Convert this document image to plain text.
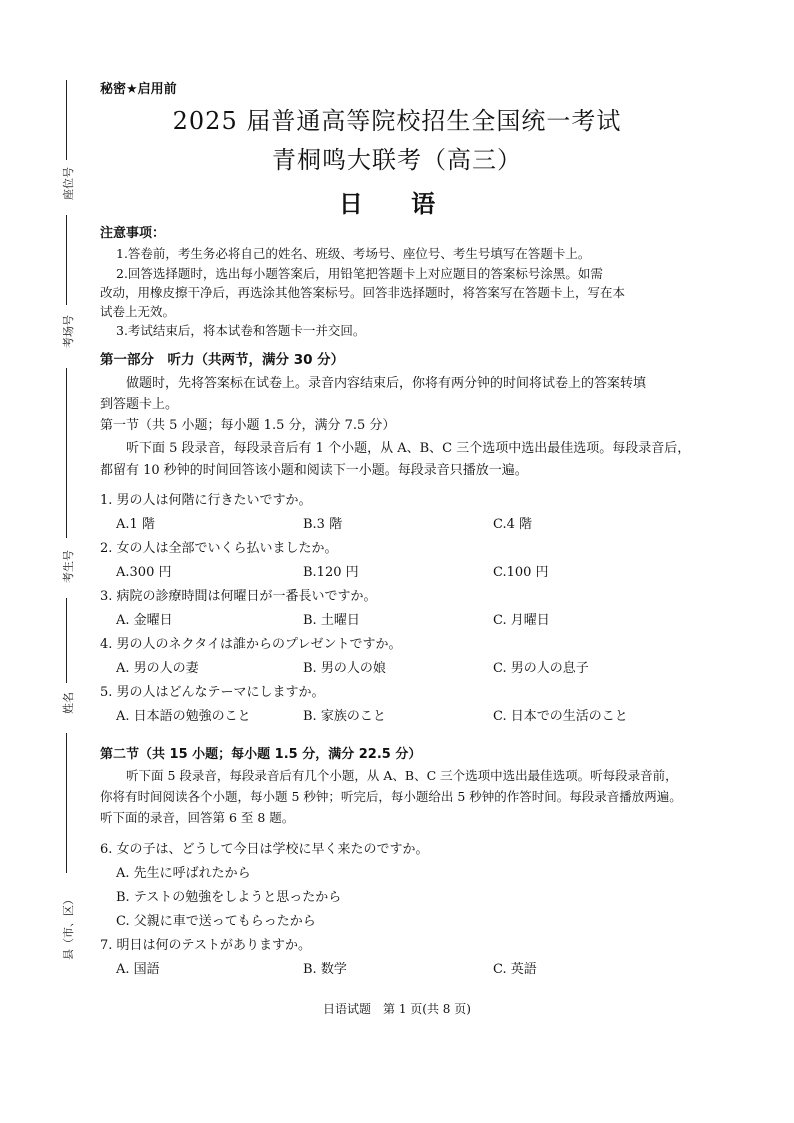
座位号
考场号
考生号
姓名
县（市、区）
秘密★启用前
2025 届普通高等院校招生全国统一考试
青桐鸣大联考（高三）
日 语
注意事项：
1.答卷前，考生务必将自己的姓名、班级、考场号、座位号、考生号填写在答题卡上。
2.回答选择题时，选出每小题答案后，用铅笔把答题卡上对应题目的答案标号涂黑。如需
改动，用橡皮擦干净后，再选涂其他答案标号。回答非选择题时，将答案写在答题卡上，写在本
试卷上无效。
3.考试结束后，将本试卷和答题卡一并交回。
第一部分　听力（共两节，满分 30 分）
做题时，先将答案标在试卷上。录音内容结束后，你将有两分钟的时间将试卷上的答案转填
到答题卡上。
第一节（共 5 小题；每小题 1.5 分，满分 7.5 分）
听下面 5 段录音，每段录音后有 1 个小题，从 A、B、C 三个选项中选出最佳选项。每段录音后，
都留有 10 秒钟的时间回答该小题和阅读下一小题。每段录音只播放一遍。
1. 男の人は何階に行きたいですか。
A.1 階	B.3 階	C.4 階
2. 女の人は全部でいくら払いましたか。
A.300 円	B.120 円	C.100 円
3. 病院の診療時間は何曜日が一番長いですか。
A. 金曜日	B. 土曜日	C. 月曜日
4. 男の人のネクタイは誰からのプレゼントですか。
A. 男の人の妻	B. 男の人の娘	C. 男の人の息子
5. 男の人はどんなテーマにしますか。
A. 日本語の勉強のこと	B. 家族のこと	C. 日本での生活のこと
第二节（共 15 小题；每小题 1.5 分，满分 22.5 分）
听下面 5 段录音，每段录音后有几个小题，从 A、B、C 三个选项中选出最佳选项。听每段录音前，
你将有时间阅读各个小题，每小题 5 秒钟；听完后，每小题给出 5 秒钟的作答时间。每段录音播放两遍。
听下面的录音，回答第 6 至 8 题。
6. 女の子は、どうして今日は学校に早く来たのですか。
A. 先生に呼ばれたから
B. テストの勉強をしようと思ったから
C. 父親に車で送ってもらったから
7. 明日は何のテストがありますか。
A. 国語	B. 数学	C. 英語
日语试题　第 1 页(共 8 页)
